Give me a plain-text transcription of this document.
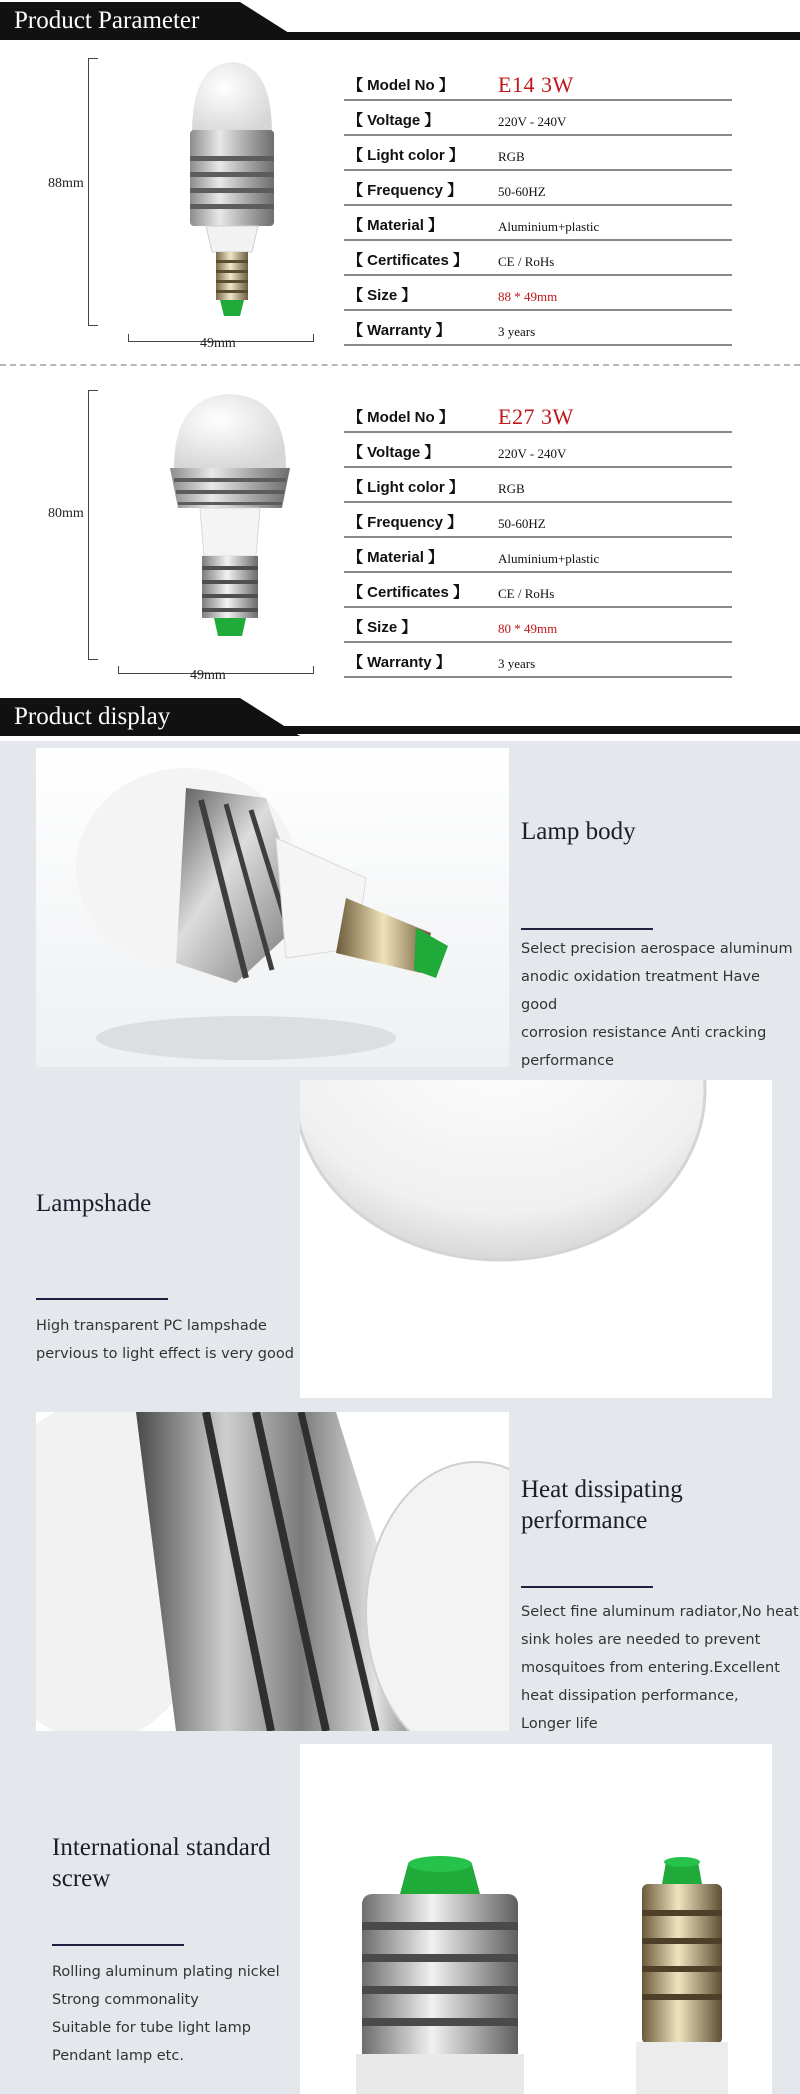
Product Parameter
88mm
49mm
【 Model No 】 E14 3W
【 Voltage 】	220V - 240V
【 Light color 】	RGB
【 Frequency 】	50-60HZ
【 Material 】	Aluminium+plastic
【 Certificates 】 CE / RoHs
【 Size 】	88 * 49mm
【 Warranty 】	3 years
80mm
49mm
【 Model No 】 E27 3W
【 Voltage 】	220V - 240V
【 Light color 】	RGB
【 Frequency 】	50-60HZ
【 Material 】	Aluminium+plastic
【 Certificates 】 CE / RoHs
【 Size 】	80 * 49mm
【 Warranty 】	3 years
Product display
Lamp body
Select precision aerospace aluminum
anodic oxidation treatment Have good
corrosion resistance Anti cracking
performance
Lampshade
High transparent PC lampshade
pervious to light effect is very good
Heat dissipating
performance
Select fine aluminum radiator,No heat
sink holes are needed to prevent
mosquitoes from entering.Excellent
heat dissipation performance,
Longer life
International standard
screw
Rolling aluminum plating nickel
Strong commonality
Suitable for tube light lamp
Pendant lamp etc.
